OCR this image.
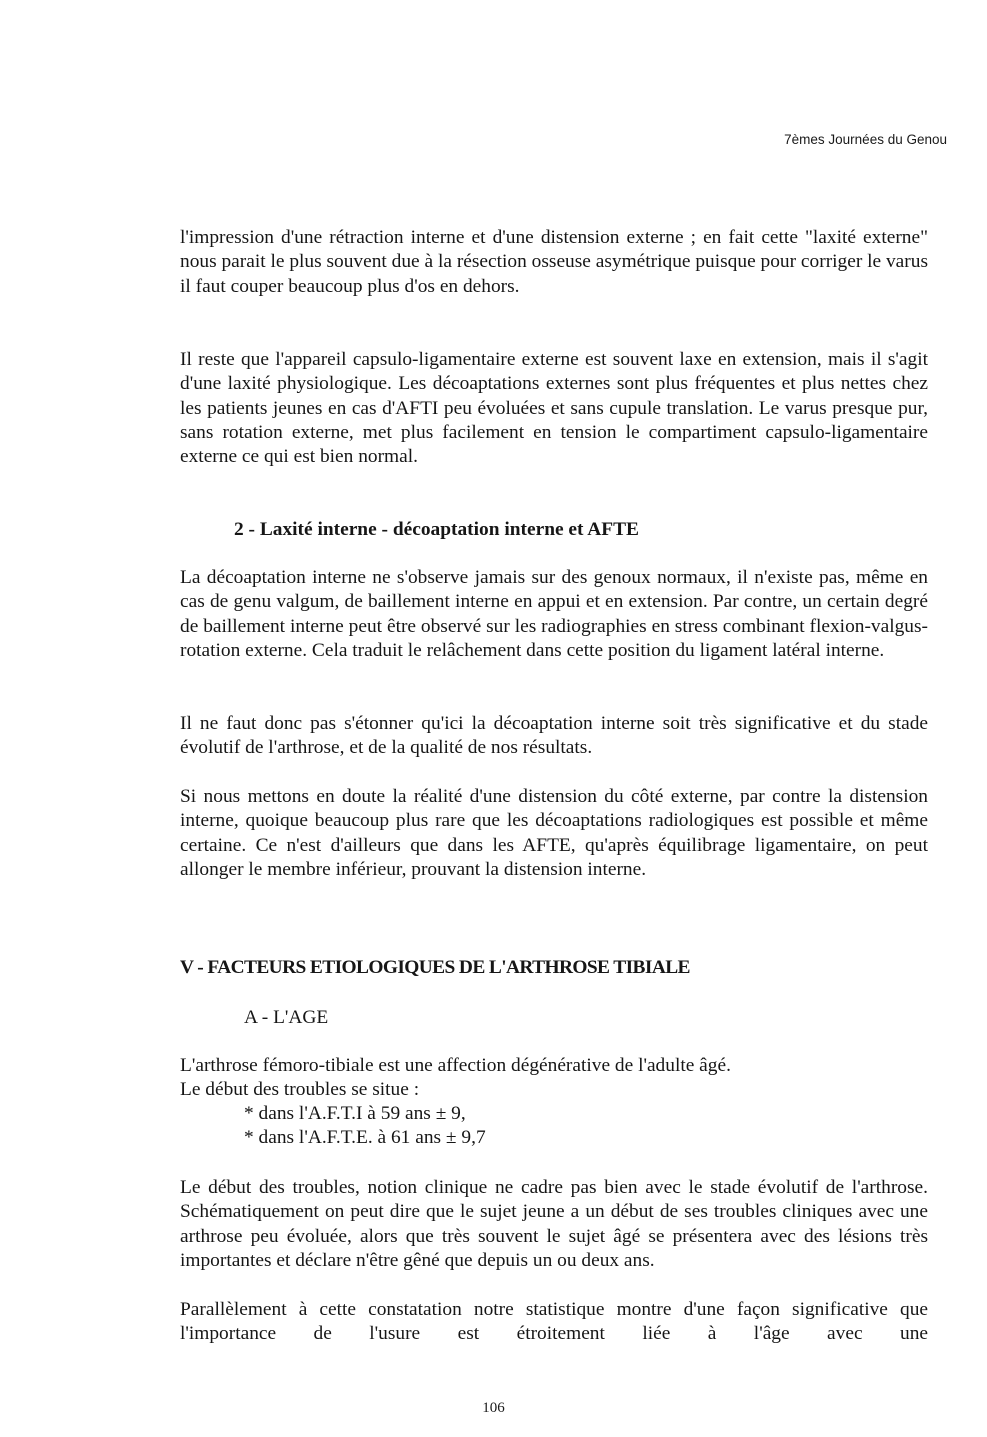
7èmes Journées du Genou

l'impression d'une rétraction interne et d'une distension externe ; en fait cette "laxité externe" nous parait le plus souvent due à la résection osseuse asymétrique puisque pour corriger le varus il faut couper beaucoup plus d'os en dehors.

Il reste que l'appareil capsulo-ligamentaire externe est souvent laxe en extension, mais il s'agit d'une laxité physiologique. Les décoaptations externes sont plus fréquentes et plus nettes chez les patients jeunes en cas d'AFTI peu évoluées et sans cupule translation. Le varus presque pur, sans rotation externe, met plus facilement en tension le compartiment capsulo-ligamentaire externe ce qui est bien normal.

2 - Laxité interne - décoaptation interne et AFTE

La décoaptation interne ne s'observe jamais sur des genoux normaux, il n'existe pas, même en cas de genu valgum, de baillement interne en appui et en extension. Par contre, un certain degré de baillement interne peut être observé sur les radiographies en stress combinant flexion-valgus-rotation externe. Cela traduit le relâchement dans cette position du ligament latéral interne.

Il ne faut donc pas s'étonner qu'ici la décoaptation interne soit très significative et du stade évolutif de l'arthrose, et de la qualité de nos résultats.

Si nous mettons en doute la réalité d'une distension du côté externe, par contre la distension interne, quoique beaucoup plus rare que les décoaptations radiologiques est possible et même certaine. Ce n'est d'ailleurs que dans les AFTE, qu'après équilibrage ligamentaire, on peut allonger le membre inférieur, prouvant la distension interne.

V - FACTEURS ETIOLOGIQUES DE L'ARTHROSE TIBIALE

A - L'AGE

L'arthrose fémoro-tibiale est une affection dégénérative de l'adulte âgé.

Le début des troubles se situe :

* dans l'A.F.T.I à 59 ans ± 9,

* dans l'A.F.T.E. à 61 ans ± 9,7

Le début des troubles, notion clinique ne cadre pas bien avec le stade évolutif de l'arthrose. Schématiquement on peut dire que le sujet jeune a un début de ses troubles cliniques avec une arthrose peu évoluée, alors que très souvent le sujet âgé se présentera avec des lésions très importantes et déclare n'être gêné que depuis un ou deux ans.

Parallèlement à cette constatation notre statistique montre d'une façon significative que l'importance de l'usure est étroitement liée à l'âge avec une

106
